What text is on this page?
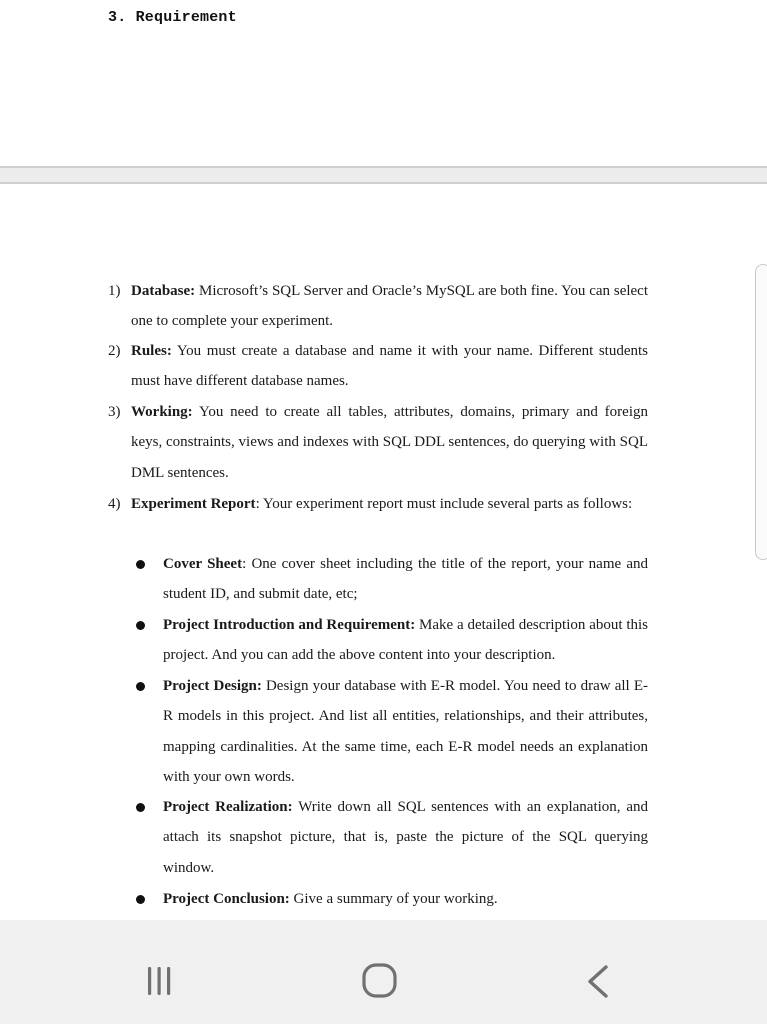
3. Requirement
1) Database: Microsoft’s SQL Server and Oracle’s MySQL are both fine. You can select one to complete your experiment.
2) Rules: You must create a database and name it with your name. Different students must have different database names.
3) Working: You need to create all tables, attributes, domains, primary and foreign keys, constraints, views and indexes with SQL DDL sentences, do querying with SQL DML sentences.
4) Experiment Report: Your experiment report must include several parts as follows:
Cover Sheet: One cover sheet including the title of the report, your name and student ID, and submit date, etc;
Project Introduction and Requirement: Make a detailed description about this project. And you can add the above content into your description.
Project Design: Design your database with E-R model. You need to draw all E-R models in this project. And list all entities, relationships, and their attributes, mapping cardinalities. At the same time, each E-R model needs an explanation with your own words.
Project Realization: Write down all SQL sentences with an explanation, and attach its snapshot picture, that is, paste the picture of the SQL querying window.
Project Conclusion: Give a summary of your working.
